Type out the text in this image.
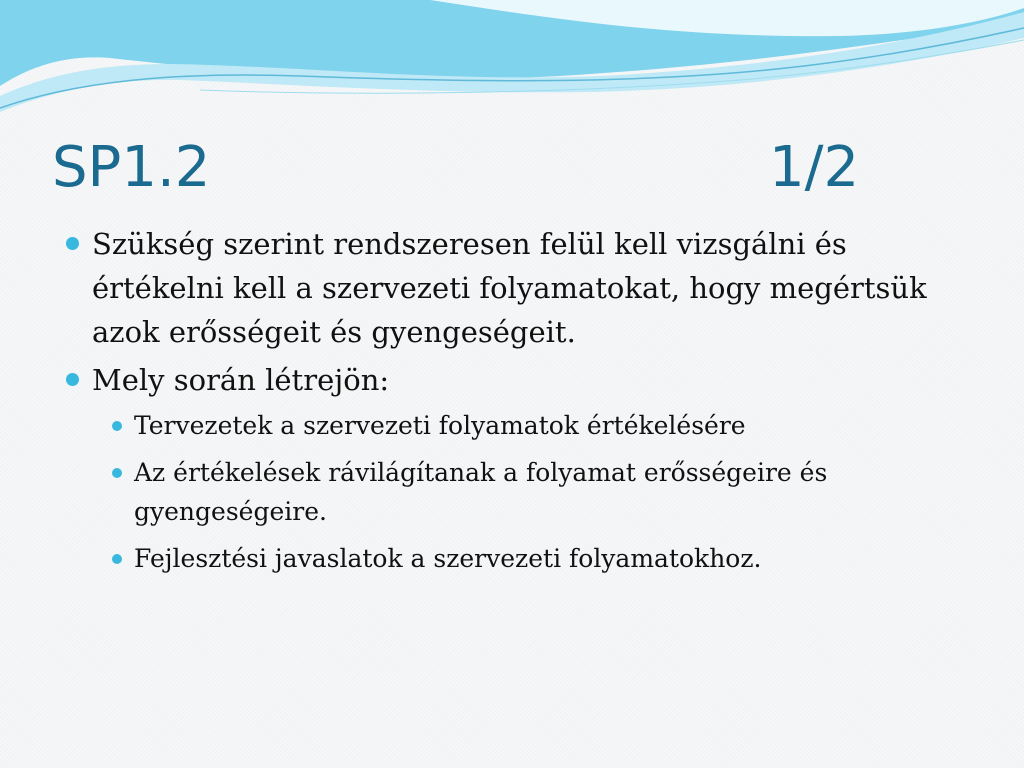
SP1.2	1/2
Szükség szerint rendszeresen felül kell vizsgálni és értékelni kell a szervezeti folyamatokat, hogy megértsük azok erősségeit és gyengeségeit.
Mely során létrejön:
Tervezetek a szervezeti folyamatok értékelésére
Az értékelések rávilágítanak a folyamat erősségeire és gyengeségeire.
Fejlesztési javaslatok a szervezeti folyamatokhoz.
